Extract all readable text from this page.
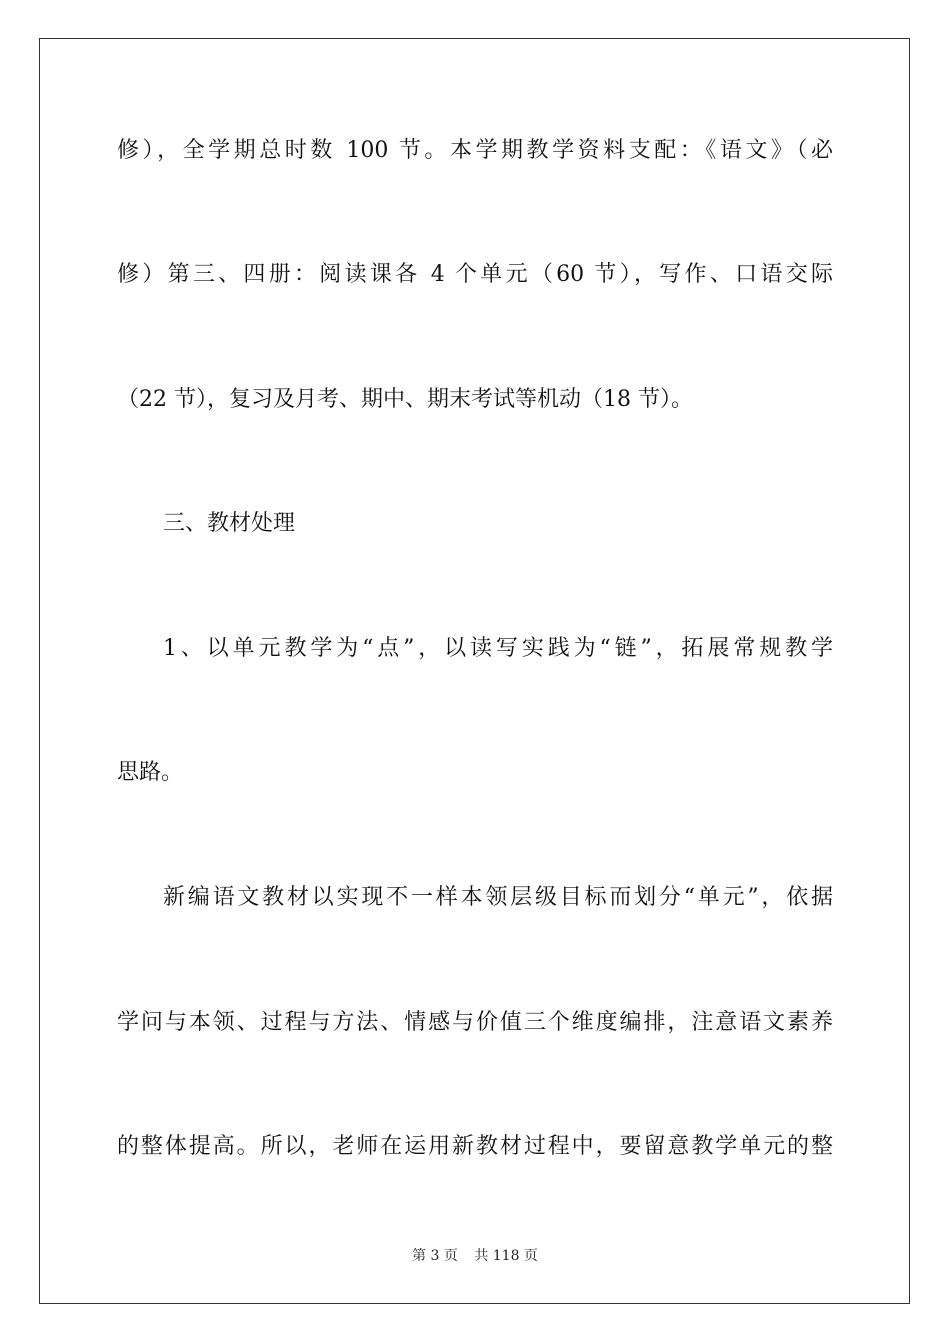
修），全学期总时数 100 节。本学期教学资料支配：《语文》（必
修）第三、四册：阅读课各 4 个单元（60 节），写作、口语交际
（22 节），复习及月考、期中、期末考试等机动（18 节）。
三、教材处理
1、以单元教学为“点”，以读写实践为“链”，拓展常规教学
思路。
新编语文教材以实现不一样本领层级目标而划分“单元”，依据
学问与本领、过程与方法、情感与价值三个维度编排，注意语文素养
的整体提高。所以，老师在运用新教材过程中，要留意教学单元的整
第 3 页 共 118 页
